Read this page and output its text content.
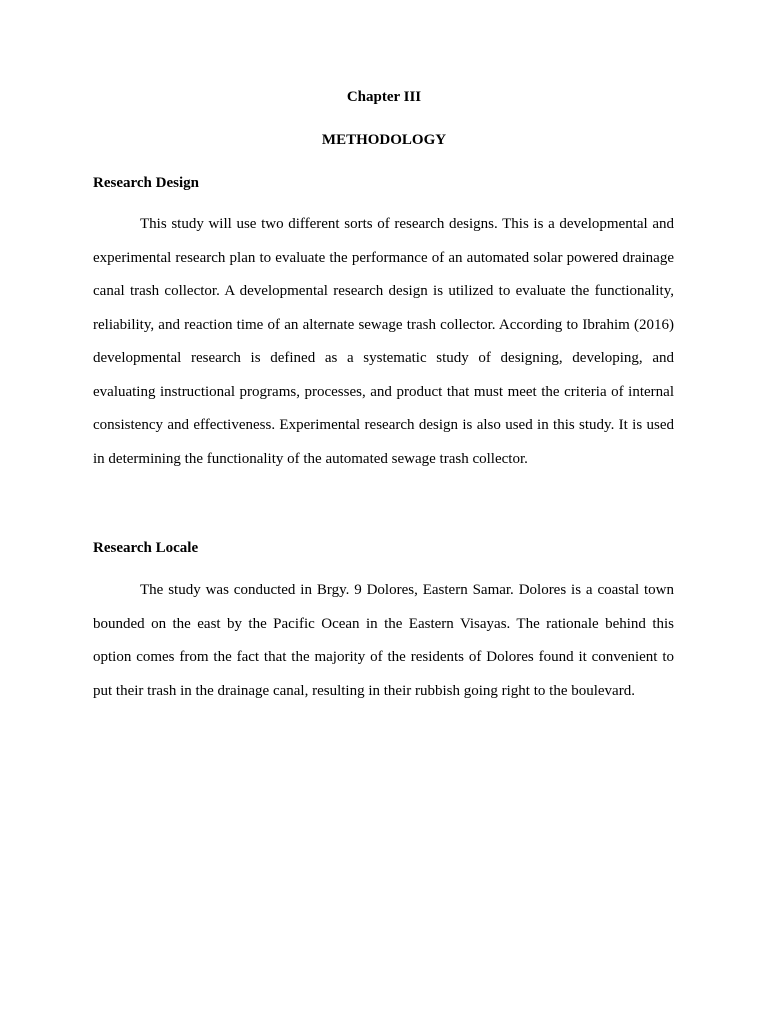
Chapter III
METHODOLOGY
Research Design

This study will use two different sorts of research designs. This is a developmental and experimental research plan to evaluate the performance of an automated solar powered drainage canal trash collector. A developmental research design is utilized to evaluate the functionality, reliability, and reaction time of an alternate sewage trash collector. According to Ibrahim (2016) developmental research is defined as a systematic study of designing, developing, and evaluating instructional programs, processes, and product that must meet the criteria of internal consistency and effectiveness. Experimental research design is also used in this study. It is used in determining the functionality of the automated sewage trash collector.

Research Locale

The study was conducted in Brgy. 9 Dolores, Eastern Samar. Dolores is a coastal town bounded on the east by the Pacific Ocean in the Eastern Visayas. The rationale behind this option comes from the fact that the majority of the residents of Dolores found it convenient to put their trash in the drainage canal, resulting in their rubbish going right to the boulevard.
